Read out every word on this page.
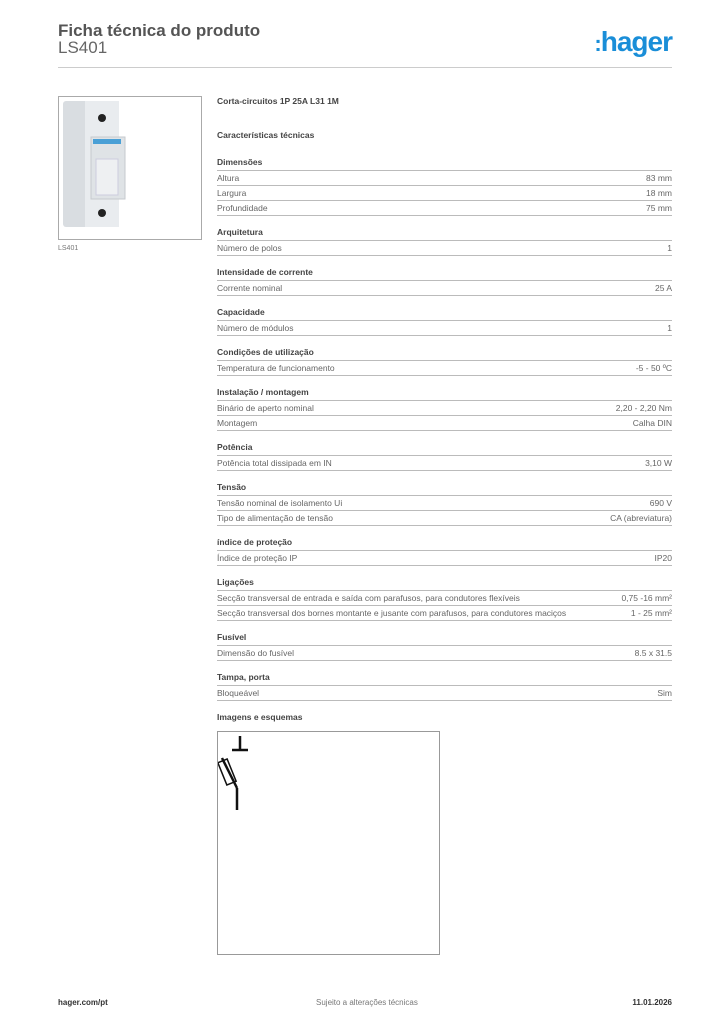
Ficha técnica do produto
LS401	:hager
LS401
Corta-circuitos 1P 25A L31 1M
Características técnicas
Dimensões
Altura	83 mm
Largura	18 mm
Profundidade	75 mm
Arquitetura
Número de polos	1
Intensidade de corrente
Corrente nominal	25 A
Capacidade
Número de módulos	1
Condições de utilização
Temperatura de funcionamento	-5 - 50 ºC
Instalação / montagem
Binário de aperto nominal	2,20 - 2,20 Nm
Montagem	Calha DIN
Potência
Potência total dissipada em IN	3,10 W
Tensão
Tensão nominal de isolamento Ui	690 V
Tipo de alimentação de tensão	CA (abreviatura)
índice de proteção
Índice de proteção IP	IP20
Ligações
Secção transversal de entrada e saída com parafusos, para condutores flexíveis	0,75 -16 mm²
Secção transversal dos bornes montante e jusante com parafusos, para condutores maciços	1 - 25 mm²
Fusível
Dimensão do fusível	8.5 x 31.5
Tampa, porta
Bloqueável	Sim
Imagens e esquemas
hager.com/pt	Sujeito a alterações técnicas	11.01.2026
